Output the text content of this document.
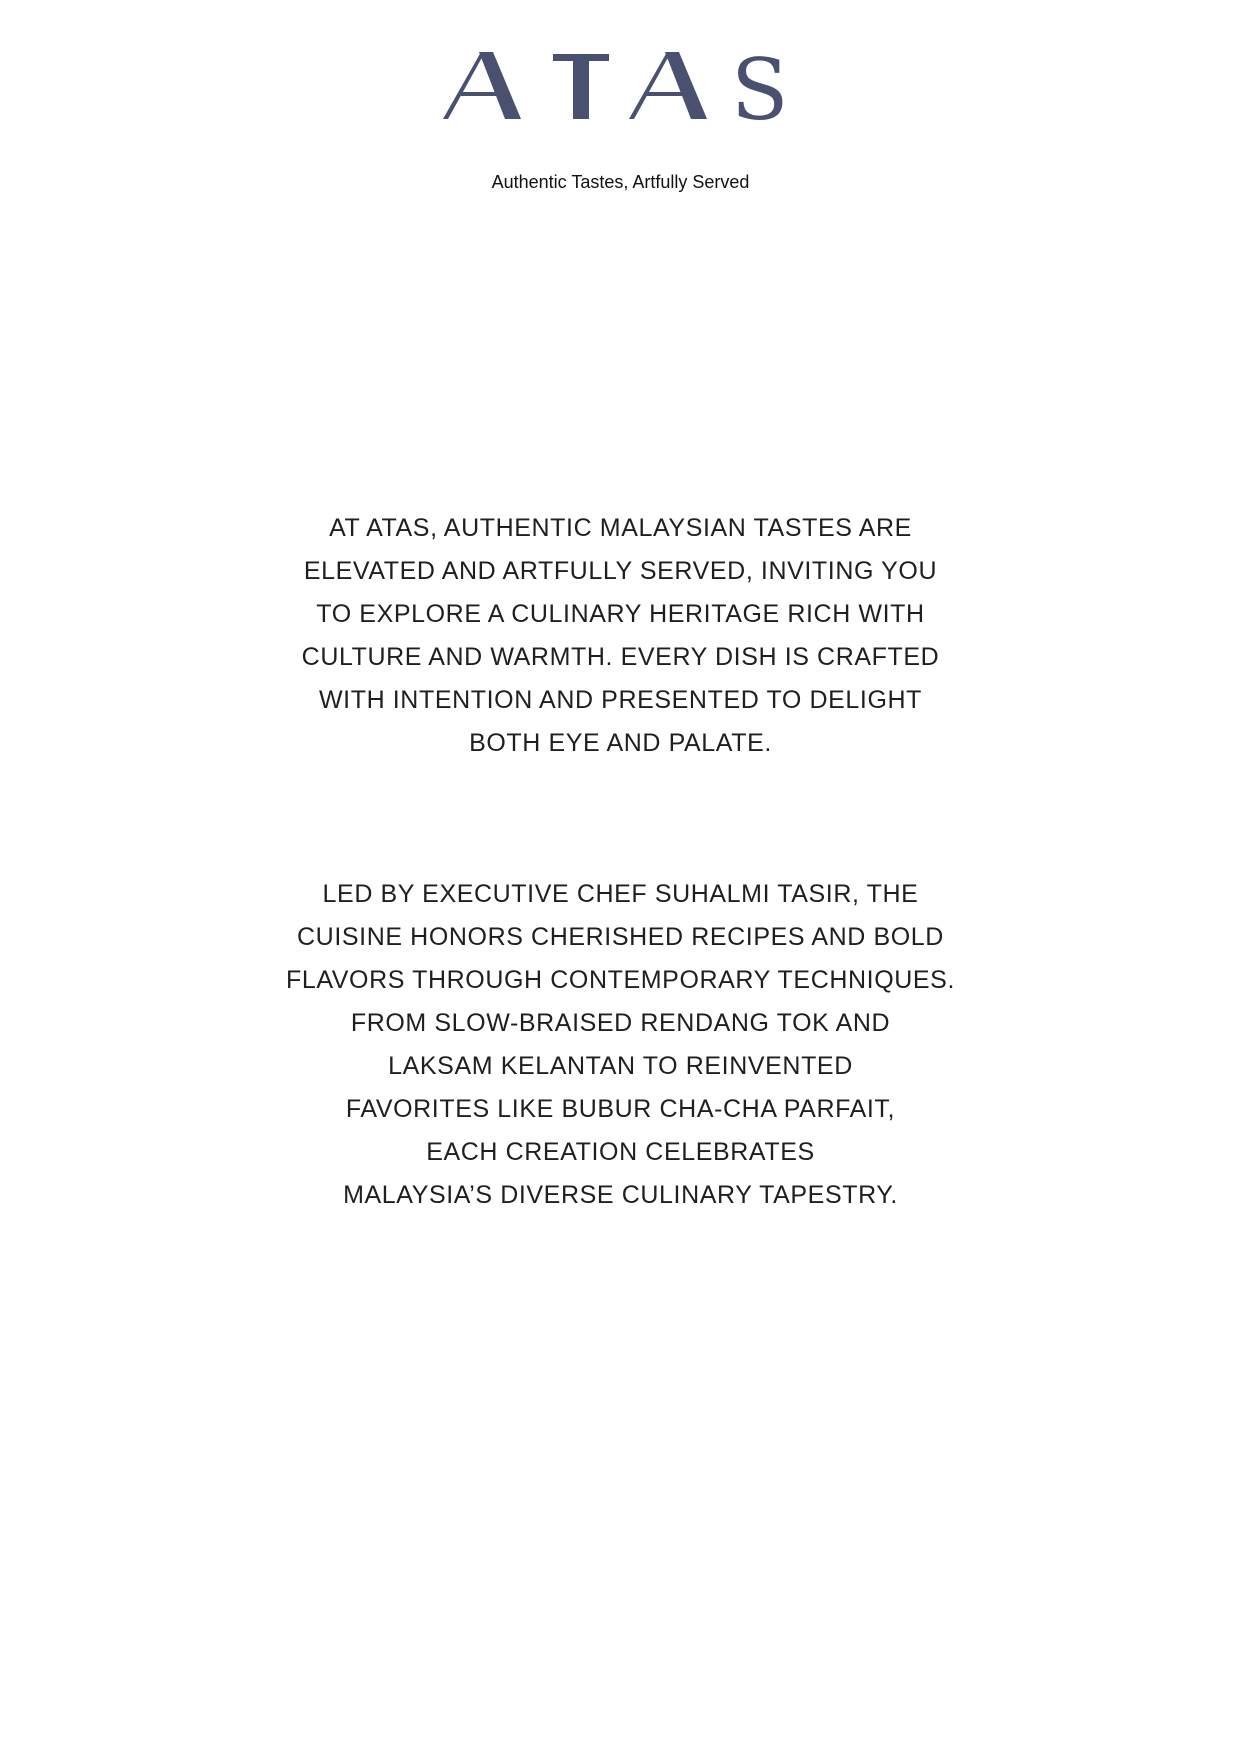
S
Authentic Tastes, Artfully Served

AT ATAS, AUTHENTIC MALAYSIAN TASTES ARE
ELEVATED AND ARTFULLY SERVED, INVITING YOU
TO EXPLORE A CULINARY HERITAGE RICH WITH
CULTURE AND WARMTH. EVERY DISH IS CRAFTED
WITH INTENTION AND PRESENTED TO DELIGHT
BOTH EYE AND PALATE.

LED BY EXECUTIVE CHEF SUHALMI TASIR, THE
CUISINE HONORS CHERISHED RECIPES AND BOLD
FLAVORS THROUGH CONTEMPORARY TECHNIQUES.
FROM SLOW-BRAISED RENDANG TOK AND
LAKSAM KELANTAN TO REINVENTED
FAVORITES LIKE BUBUR CHA-CHA PARFAIT,
EACH CREATION CELEBRATES
MALAYSIA’S DIVERSE CULINARY TAPESTRY.
